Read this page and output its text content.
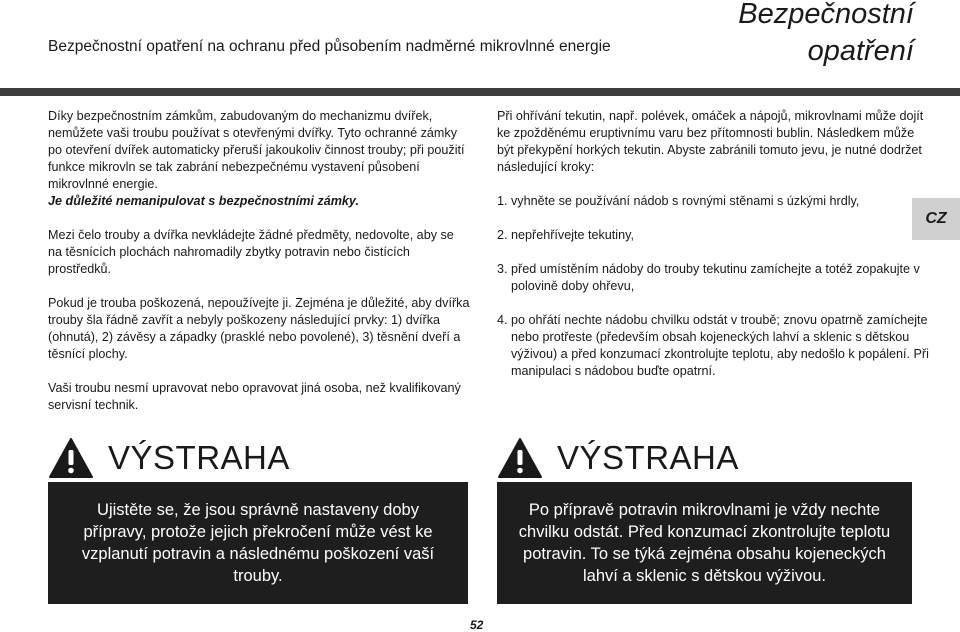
Bezpečnostní opatření na ochranu před působením nadměrné mikrovlnné energie
Bezpečnostní
opatření

Díky bezpečnostním zámkům, zabudovaným do mechanizmu dvířek, nemůžete vaši troubu používat s otevřenými dvířky. Tyto ochranné zámky po otevření dvířek automaticky přeruší jakoukoliv činnost trouby; při použití funkce mikrovln se tak zabrání nebezpečnému vystavení působení mikrovlnné energie.

Je důležité nemanipulovat s bezpečnostními zámky.

Mezi čelo trouby a dvířka nevkládejte žádné předměty, nedovolte, aby se na těsnících plochách nahromadily zbytky potravin nebo čistících prostředků.

Pokud je trouba poškozená, nepoužívejte ji. Zejména je důležité, aby dvířka trouby šla řádně zavřít a nebyly poškozeny následující prvky: 1) dvířka (ohnutá), 2) závěsy a západky (prasklé nebo povolené), 3) těsnění dveří a těsnící plochy.

Vaši troubu nesmí upravovat nebo opravovat jiná osoba, než kvalifikovaný servisní technik.

Při ohřívání tekutin, např. polévek, omáček a nápojů, mikrovlnami může dojít ke zpožděnému eruptivnímu varu bez přítomnosti bublin. Následkem může být překypění horkých tekutin. Abyste zabránili tomuto jevu, je nutné dodržet následující kroky:

1. vyhněte se používání nádob s rovnými stěnami s úzkými hrdly,
2. nepřehřívejte tekutiny,
3. před umístěním nádoby do trouby tekutinu zamíchejte a totéž zopakujte v polovině doby ohřevu,
4. po ohřátí nechte nádobu chvilku odstát v troubě; znovu opatrně zamíchejte nebo protřeste (především obsah kojeneckých lahví a sklenic s dětskou výživou) a před konzumací zkontrolujte teplotu, aby nedošlo k popálení. Při manipulaci s nádobou buďte opatrní.
CZ
VÝSTRAHA
Ujistěte se, že jsou správně nastaveny doby přípravy, protože jejich překročení může vést ke vzplanutí potravin a následnému poškození vaší trouby.
VÝSTRAHA
Po přípravě potravin mikrovlnami je vždy nechte chvilku odstát. Před konzumací zkontrolujte teplotu potravin. To se týká zejména obsahu kojeneckých lahví a sklenic s dětskou výživou.
52
